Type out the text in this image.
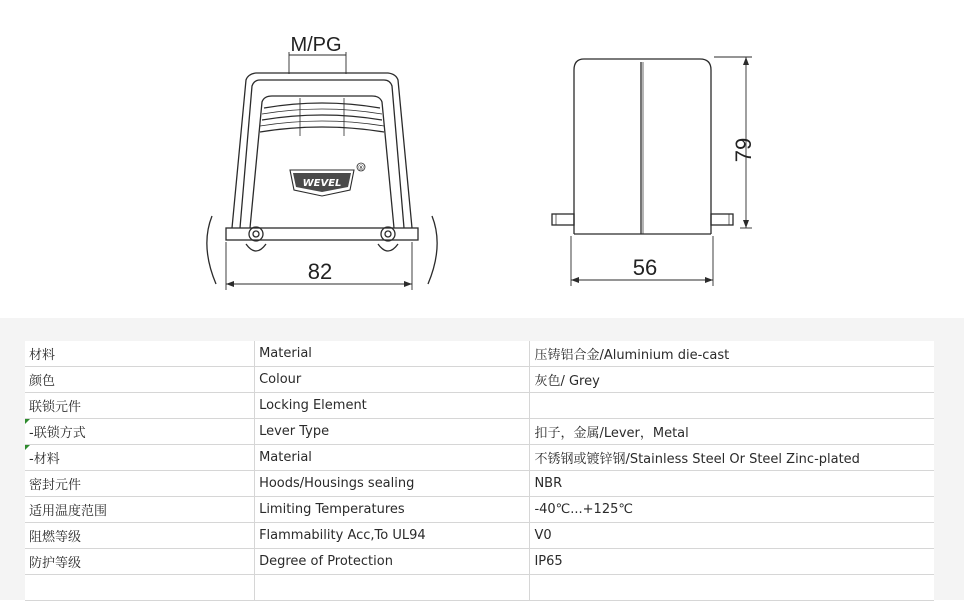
M/PG
WEVEL
®
82	56
79
材料	Material	压铸铝合金/Aluminium die-cast
颜色	Colour	灰色/ Grey
联锁元件	Locking Element	

-联锁方式	Lever Type	扣子，金属/Lever，Metal

-材料	Material	不锈钢或镀锌钢/Stainless Steel Or Steel Zinc-plated
密封元件	Hoods/Housings sealing	NBR
适用温度范围	Limiting Temperatures	-40℃...+125℃
阻燃等级	Flammability Acc,To UL94	V0
防护等级	Degree of Protection	IP65
